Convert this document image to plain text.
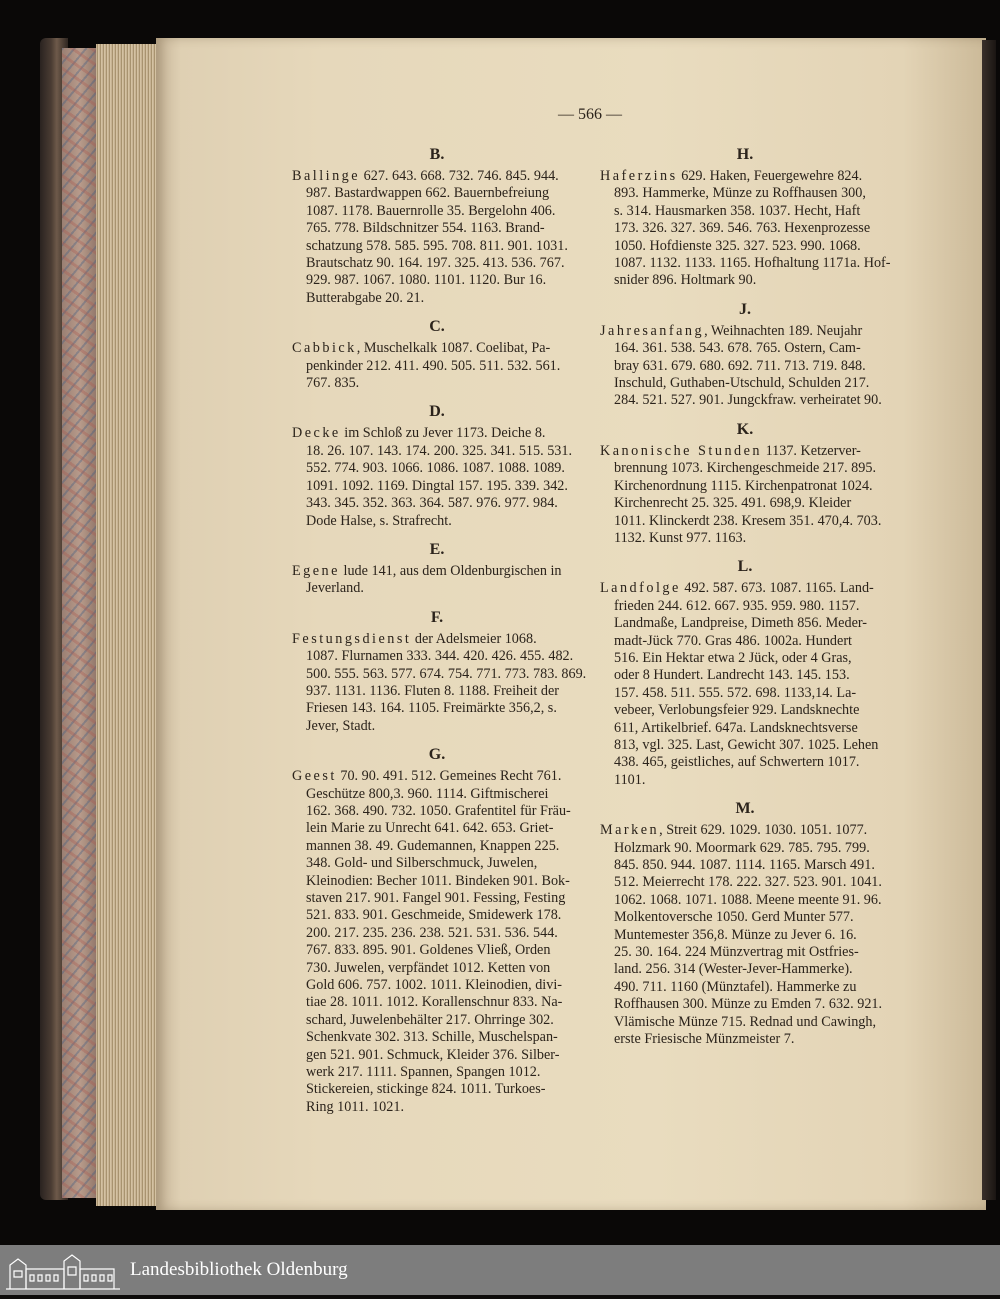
— 566 —
B.
Ballinge 627. 643. 668. 732. 746. 845. 944.
987. Bastardwappen 662. Bauernbefreiung
1087. 1178. Bauernrolle 35. Bergelohn 406.
765. 778. Bildschnitzer 554. 1163. Brand-
schatzung 578. 585. 595. 708. 811. 901. 1031.
Brautschatz 90. 164. 197. 325. 413. 536. 767.
929. 987. 1067. 1080. 1101. 1120. Bur 16.
Butterabgabe 20. 21.
C.
Cabbick, Muschelkalk 1087. Coelibat, Pa-
penkinder 212. 411. 490. 505. 511. 532. 561.
767. 835.
D.
Decke im Schloß zu Jever 1173. Deiche 8.
18. 26. 107. 143. 174. 200. 325. 341. 515. 531.
552. 774. 903. 1066. 1086. 1087. 1088. 1089.
1091. 1092. 1169. Dingtal 157. 195. 339. 342.
343. 345. 352. 363. 364. 587. 976. 977. 984.
Dode Halse, s. Strafrecht.
E.
Egene lude 141, aus dem Oldenburgischen in
Jeverland.
F.
Festungsdienst der Adelsmeier 1068.
1087. Flurnamen 333. 344. 420. 426. 455. 482.
500. 555. 563. 577. 674. 754. 771. 773. 783. 869.
937. 1131. 1136. Fluten 8. 1188. Freiheit der
Friesen 143. 164. 1105. Freimärkte 356,2, s.
Jever, Stadt.
G.
Geest 70. 90. 491. 512. Gemeines Recht 761.
Geschütze 800,3. 960. 1114. Giftmischerei
162. 368. 490. 732. 1050. Grafentitel für Fräu-
lein Marie zu Unrecht 641. 642. 653. Griet-
mannen 38. 49. Gudemannen, Knappen 225.
348. Gold- und Silberschmuck, Juwelen,
Kleinodien: Becher 1011. Bindeken 901. Bok-
staven 217. 901. Fangel 901. Fessing, Festing
521. 833. 901. Geschmeide, Smidewerk 178.
200. 217. 235. 236. 238. 521. 531. 536. 544.
767. 833. 895. 901. Goldenes Vließ, Orden
730. Juwelen, verpfändet 1012. Ketten von
Gold 606. 757. 1002. 1011. Kleinodien, divi-
tiae 28. 1011. 1012. Korallenschnur 833. Na-
schard, Juwelenbehälter 217. Ohrringe 302.
Schenkvate 302. 313. Schille, Muschelspan-
gen 521. 901. Schmuck, Kleider 376. Silber-
werk 217. 1111. Spannen, Spangen 1012.
Stickereien, stickinge 824. 1011. Turkoes-
Ring 1011. 1021.
H.
Haferzins 629. Haken, Feuergewehre 824.
893. Hammerke, Münze zu Roffhausen 300,
s. 314. Hausmarken 358. 1037. Hecht, Haft
173. 326. 327. 369. 546. 763. Hexenprozesse
1050. Hofdienste 325. 327. 523. 990. 1068.
1087. 1132. 1133. 1165. Hofhaltung 1171a. Hof-
snider 896. Holtmark 90.
J.
Jahresanfang, Weihnachten 189. Neujahr
164. 361. 538. 543. 678. 765. Ostern, Cam-
bray 631. 679. 680. 692. 711. 713. 719. 848.
Inschuld, Guthaben-Utschuld, Schulden 217.
284. 521. 527. 901. Jungckfraw. verheiratet 90.
K.
Kanonische Stunden 1137. Ketzerver-
brennung 1073. Kirchengeschmeide 217. 895.
Kirchenordnung 1115. Kirchenpatronat 1024.
Kirchenrecht 25. 325. 491. 698,9. Kleider
1011. Klinckerdt 238. Kresem 351. 470,4. 703.
1132. Kunst 977. 1163.
L.
Landfolge 492. 587. 673. 1087. 1165. Land-
frieden 244. 612. 667. 935. 959. 980. 1157.
Landmaße, Landpreise, Dimeth 856. Meder-
madt-Jück 770. Gras 486. 1002a. Hundert
516. Ein Hektar etwa 2 Jück, oder 4 Gras,
oder 8 Hundert. Landrecht 143. 145. 153.
157. 458. 511. 555. 572. 698. 1133,14. La-
vebeer, Verlobungsfeier 929. Landsknechte
611, Artikelbrief. 647a. Landsknechtsverse
813, vgl. 325. Last, Gewicht 307. 1025. Lehen
438. 465, geistliches, auf Schwertern 1017.
1101.
M.
Marken, Streit 629. 1029. 1030. 1051. 1077.
Holzmark 90. Moormark 629. 785. 795. 799.
845. 850. 944. 1087. 1114. 1165. Marsch 491.
512. Meierrecht 178. 222. 327. 523. 901. 1041.
1062. 1068. 1071. 1088. Meene meente 91. 96.
Molkentoversche 1050. Gerd Munter 577.
Muntemester 356,8. Münze zu Jever 6. 16.
25. 30. 164. 224 Münzvertrag mit Ostfries-
land. 256. 314 (Wester-Jever-Hammerke).
490. 711. 1160 (Münztafel). Hammerke zu
Roffhausen 300. Münze zu Emden 7. 632. 921.
Vlämische Münze 715. Rednad und Cawingh,
erste Friesische Münzmeister 7.
Landesbibliothek Oldenburg
